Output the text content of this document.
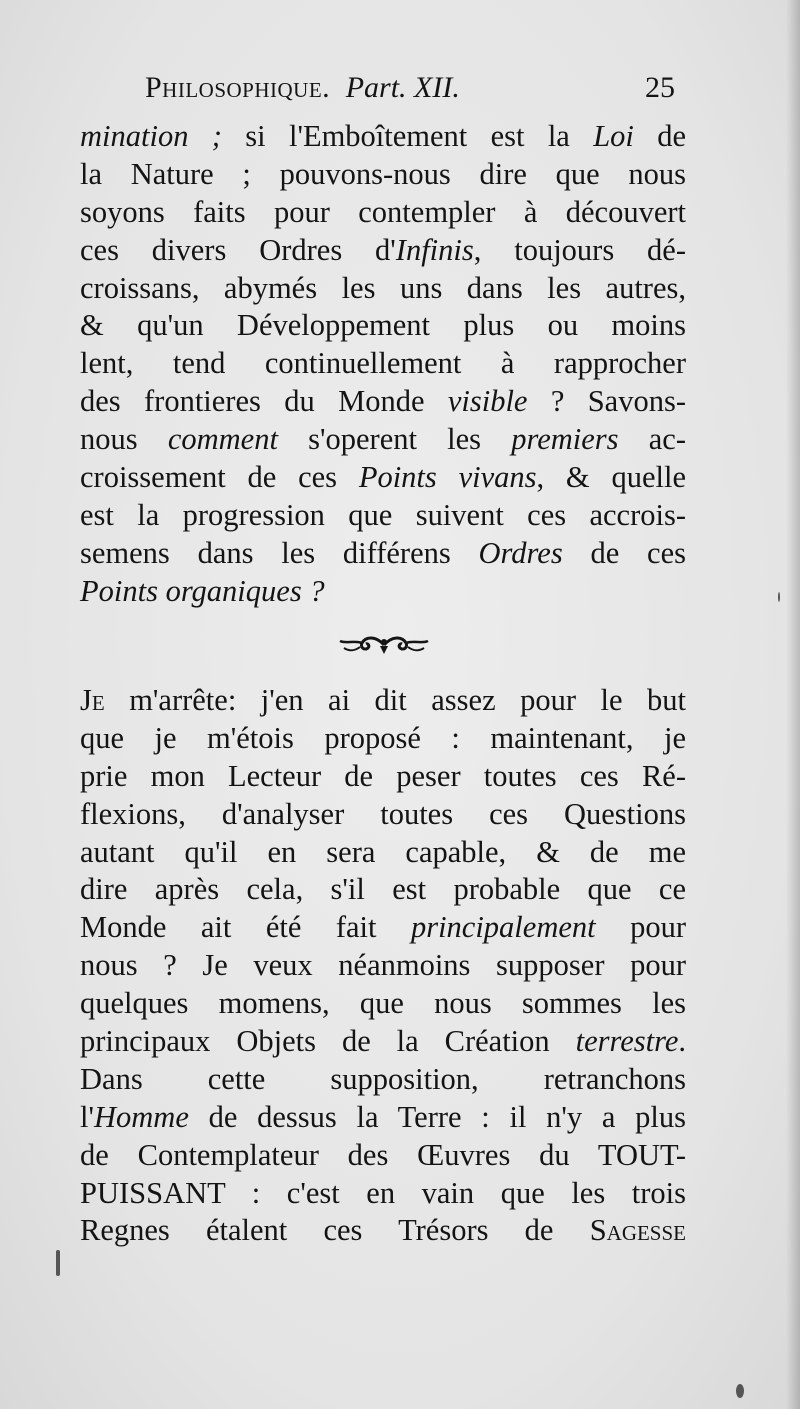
Philosophique. Part. XII.	25
mination ; si l'Emboîtement est la Loi de
la Nature ; pouvons-nous dire que nous
soyons faits pour contempler à découvert
ces divers Ordres d'Infinis, toujours dé-
croissans, abymés les uns dans les autres,
& qu'un Développement plus ou moins
lent, tend continuellement à rapprocher
des frontieres du Monde visible ? Savons-
nous comment s'operent les premiers ac-
croissement de ces Points vivans, & quelle
est la progression que suivent ces accrois-
semens dans les différens Ordres de ces
Points organiques ?
Je m'arrête: j'en ai dit assez pour le but
que je m'étois proposé : maintenant, je
prie mon Lecteur de peser toutes ces Ré-
flexions, d'analyser toutes ces Questions
autant qu'il en sera capable, & de me
dire après cela, s'il est probable que ce
Monde ait été fait principalement pour
nous ? Je veux néanmoins supposer pour
quelques momens, que nous sommes les
principaux Objets de la Création terrestre.
Dans cette supposition, retranchons
l'Homme de dessus la Terre : il n'y a plus
de Contemplateur des Œuvres du TOUT-
PUISSANT : c'est en vain que les trois
Regnes étalent ces Trésors de Sagesse
